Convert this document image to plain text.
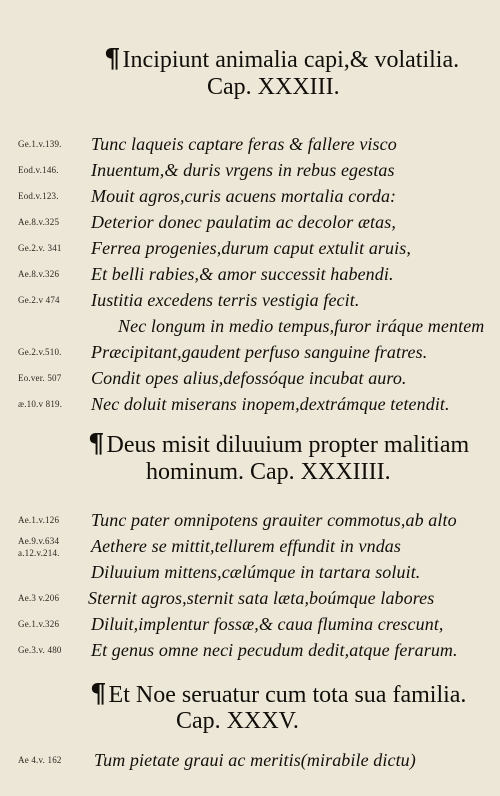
¶Incipiunt animalia capi,& volatilia.
Cap. XXXIII.
Ge.1.v.139. Tunc laqueis captare feras & fallere visco
Eod.v.146. Inuentum,& duris vrgens in rebus egestas
Eod.v.123. Mouit agros,curis acuens mortalia corda:
Ae.8.v.325 Deterior donec paulatim ac decolor ætas,
Ge.2.v. 341 Ferrea progenies,durum caput extulit aruis,
Ae.8.v.326 Et belli rabies,& amor successit habendi.
Ge.2.v 474 Iustitia excedens terris vestigia fecit.
Nec longum in medio tempus,furor iráque mentem
Ge.2.v.510. Præcipitant,gaudent perfuso sanguine fratres.
Eo.ver. 507 Condit opes alius,defossóque incubat auro.
æ.10.v 819. Nec doluit miserans inopem,dextrámque tetendit.
¶Deus misit diluuium propter malitiam
hominum. Cap. XXXIIII.
Ae.1.v.126 Tunc pater omnipotens grauiter commotus,ab alto
Ae.9.v.634
a.12.v.214. Aethere se mittit,tellurem effundit in vndas
Diluuium mittens,cælúmque in tartara soluit.
Ae.3 v.206 Sternit agros,sternit sata læta,boúmque labores
Ge.1.v.326 Diluit,implentur fossæ,& caua flumina crescunt,
Ge.3.v. 480 Et genus omne neci pecudum dedit,atque ferarum.
¶Et Noe seruatur cum tota sua familia.
Cap. XXXV.
Ae 4.v. 162 Tum pietate graui ac meritis(mirabile dictu)
